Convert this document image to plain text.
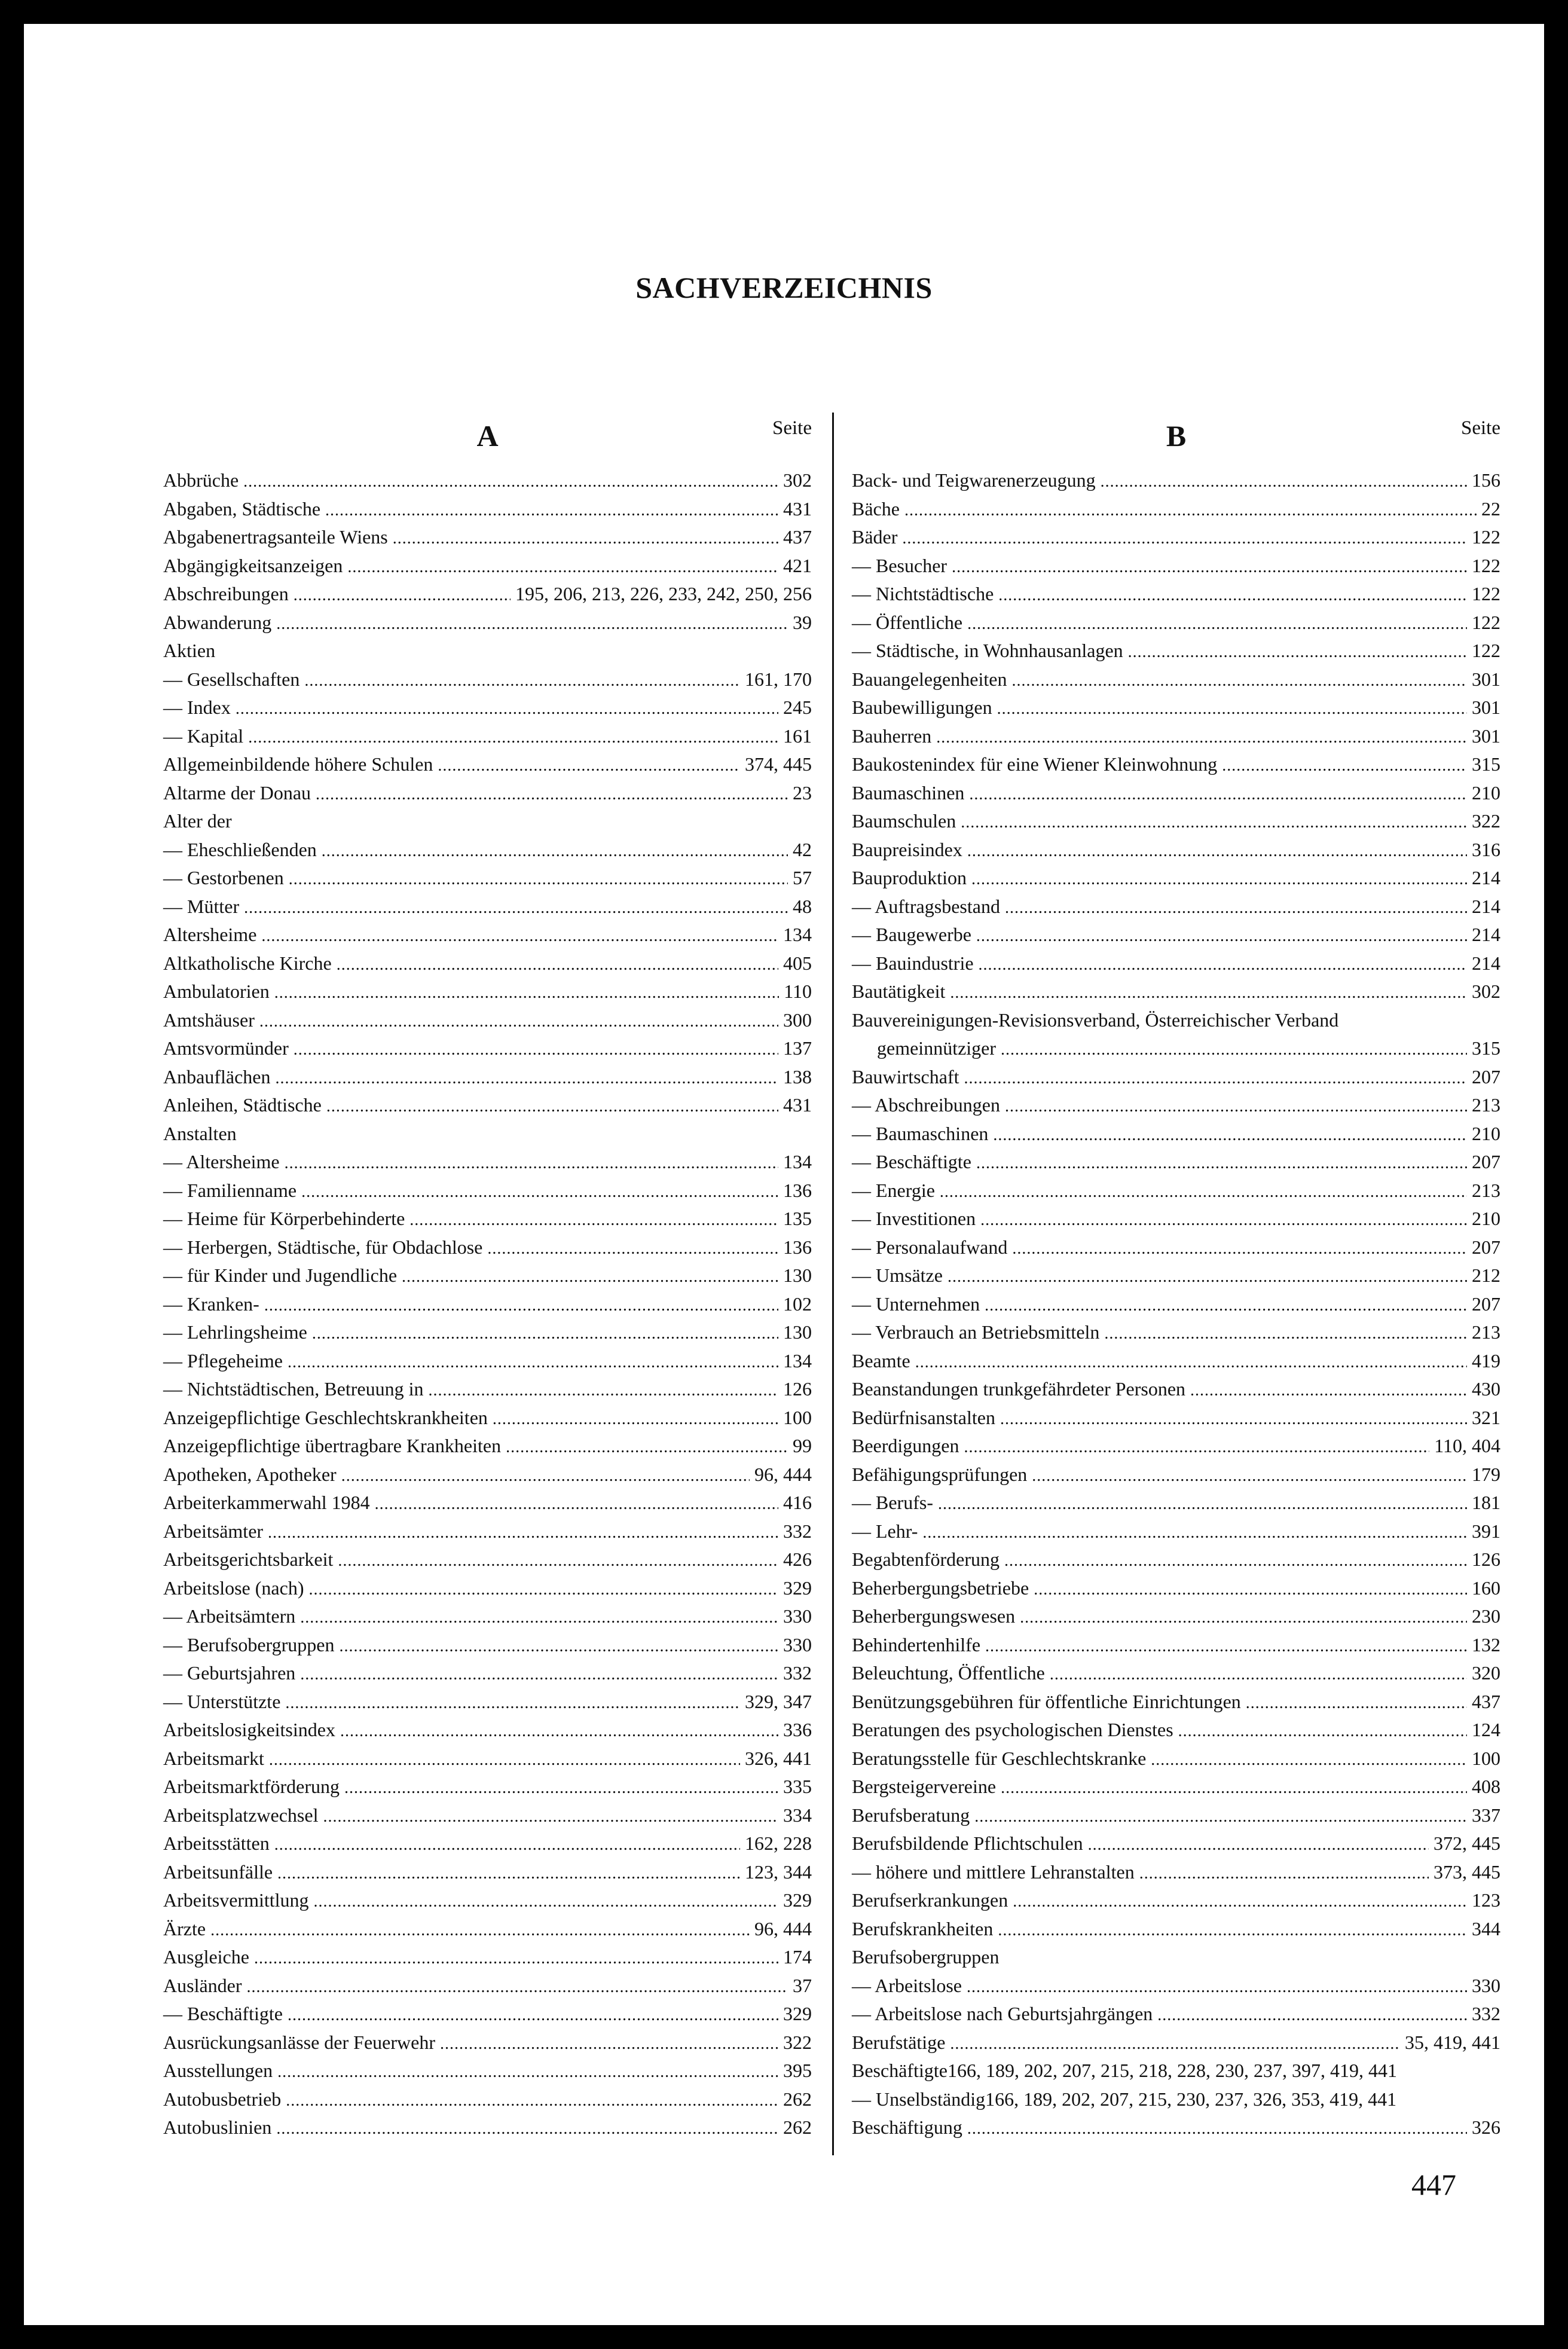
SACHVERZEICHNIS
A	Seite
Abbrüche . . .	302
Abgaben, Städtische . . .	431
Abgabenertragsanteile Wiens . . .	437
Abgängigkeitsanzeigen . . .	421
Abschreibungen . . .	195, 206, 213, 226, 233, 242, 250, 256
Abwanderung . . .	39
Aktien
— Gesellschaften . . .	161, 170
— Index . . .	245
— Kapital . . .	161
Allgemeinbildende höhere Schulen . . .	374, 445
Altarme der Donau . . .	23
Alter der
— Eheschließenden . . .	42
— Gestorbenen . . .	57
— Mütter . . .	48
Altersheime . . .	134
Altkatholische Kirche . . .	405
Ambulatorien . . .	110
Amtshäuser . . .	300
Amtsvormünder . . .	137
Anbauflächen . . .	138
Anleihen, Städtische . . .	431
Anstalten
— Altersheime . . .	134
— Familienname . . .	136
— Heime für Körperbehinderte . . .	135
— Herbergen, Städtische, für Obdachlose . . .	136
— für Kinder und Jugendliche . . .	130
— Kranken- . . .	102
— Lehrlingsheime . . .	130
— Pflegeheime . . .	134
— Nichtstädtischen, Betreuung in . . .	126
Anzeigepflichtige Geschlechtskrankheiten . . .	100
Anzeigepflichtige übertragbare Krankheiten . . .	99
Apotheken, Apotheker . . .	96, 444
Arbeiterkammerwahl 1984 . . .	416
Arbeitsämter . . .	332
Arbeitsgerichtsbarkeit . . .	426
Arbeitslose (nach) . . .	329
— Arbeitsämtern . . .	330
— Berufsobergruppen . . .	330
— Geburtsjahren . . .	332
— Unterstützte . . .	329, 347
Arbeitslosigkeitsindex . . .	336
Arbeitsmarkt . . .	326, 441
Arbeitsmarktförderung . . .	335
Arbeitsplatzwechsel . . .	334
Arbeitsstätten . . .	162, 228
Arbeitsunfälle . . .	123, 344
Arbeitsvermittlung . . .	329
Ärzte . . .	96, 444
Ausgleiche . . .	174
Ausländer . . .	37
— Beschäftigte . . .	329
Ausrückungsanlässe der Feuerwehr . . .	322
Ausstellungen . . .	395
Autobusbetrieb . . .	262
Autobuslinien . . .	262
B	Seite
Back- und Teigwarenerzeugung . . .	156
Bäche . . .	22
Bäder . . .	122
— Besucher . . .	122
— Nichtstädtische . . .	122
— Öffentliche . . .	122
— Städtische, in Wohnhausanlagen . . .	122
Bauangelegenheiten . . .	301
Baubewilligungen . . .	301
Bauherren . . .	301
Baukostenindex für eine Wiener Kleinwohnung . . .	315
Baumaschinen . . .	210
Baumschulen . . .	322
Baupreisindex . . .	316
Bauproduktion . . .	214
— Auftragsbestand . . .	214
— Baugewerbe . . .	214
— Bauindustrie . . .	214
Bautätigkeit . . .	302
Bauvereinigungen-Revisionsverband, Österreichischer Verband
gemeinnütziger . . .	315
Bauwirtschaft . . .	207
— Abschreibungen . . .	213
— Baumaschinen . . .	210
— Beschäftigte . . .	207
— Energie . . .	213
— Investitionen . . .	210
— Personalaufwand . . .	207
— Umsätze . . .	212
— Unternehmen . . .	207
— Verbrauch an Betriebsmitteln . . .	213
Beamte . . .	419
Beanstandungen trunkgefährdeter Personen . . .	430
Bedürfnisanstalten . . .	321
Beerdigungen . . .	110, 404
Befähigungsprüfungen . . .	179
— Berufs- . . .	181
— Lehr- . . .	391
Begabtenförderung . . .	126
Beherbergungsbetriebe . . .	160
Beherbergungswesen . . .	230
Behindertenhilfe . . .	132
Beleuchtung, Öffentliche . . .	320
Benützungsgebühren für öffentliche Einrichtungen . . .	437
Beratungen des psychologischen Dienstes . . .	124
Beratungsstelle für Geschlechtskranke . . .	100
Bergsteigervereine . . .	408
Berufsberatung . . .	337
Berufsbildende Pflichtschulen . . .	372, 445
— höhere und mittlere Lehranstalten . . .	373, 445
Berufserkrankungen . . .	123
Berufskrankheiten . . .	344
Berufsobergruppen
— Arbeitslose . . .	330
— Arbeitslose nach Geburtsjahrgängen . . .	332
Berufstätige . . .	35, 419, 441
Beschäftigte 166, 189, 202, 207, 215, 218, 228, 230, 237, 397, 419, 441
— Unselbständig 166, 189, 202, 207, 215, 230, 237, 326, 353, 419, 441
Beschäftigung . . .	326
447
